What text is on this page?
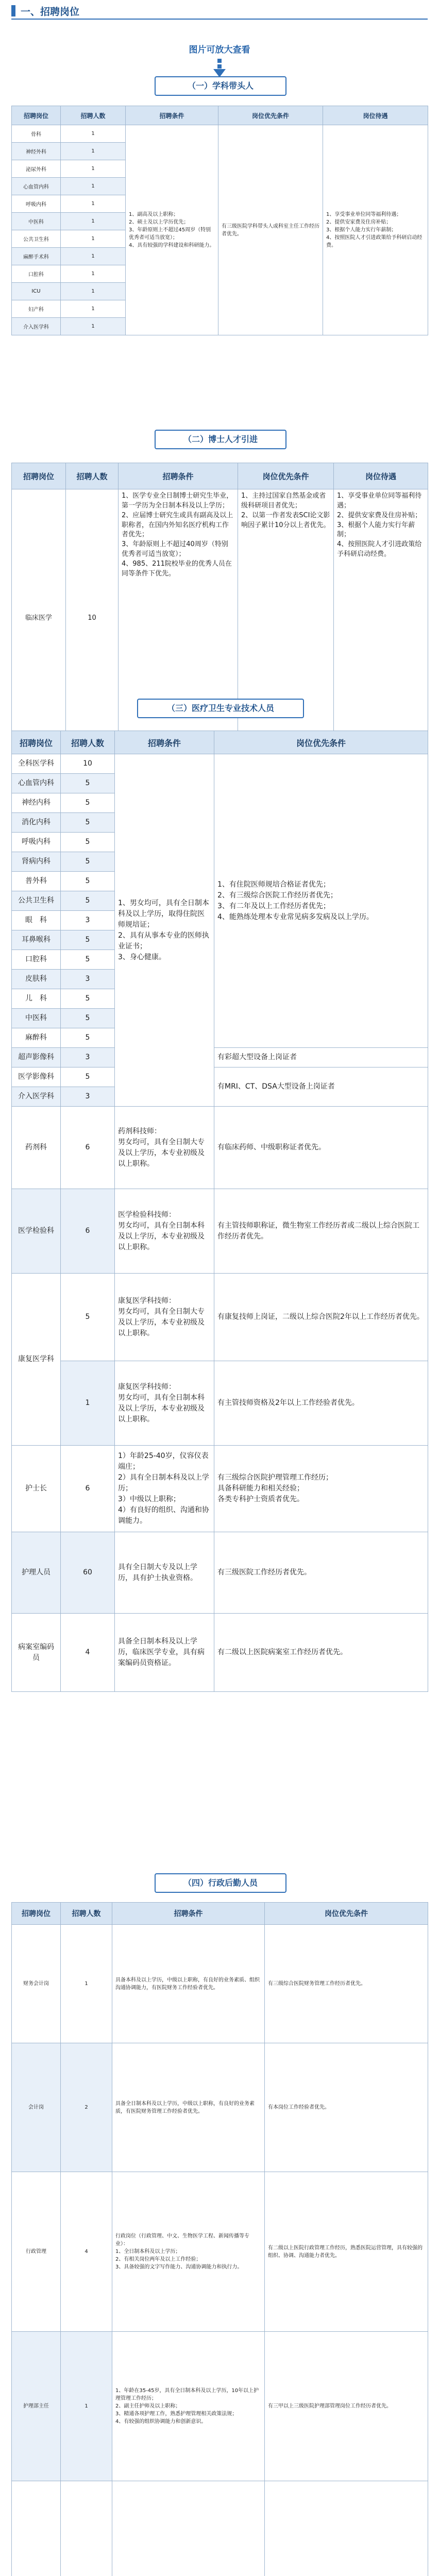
一、招聘岗位
图片可放大查看
（一）学科带头人
招聘岗位	招聘人数	招聘条件	岗位优先条件	岗位待遇
骨科	1	1、副高及以上职称；
2、硕士及以上学历优先；
3、年龄原则上不超过45周岁（特别优秀者可适当放宽）；
4、具有较强的学科建设和科研能力。	有三级医院学科带头人或科室主任工作经历者优先。	1、享受事业单位同等福利待遇；
2、提供安家费及住房补贴；
3、根据个人能力实行年薪制；
4、按照医院人才引进政策给予科研启动经费。
神经外科	1			
泌尿外科	1			
心血管内科	1			
呼吸内科	1			
中医科	1			
公共卫生科	1			
麻醉手术科	1			
口腔科	1			
ICU	1			
妇产科	1			
介入医学科	1			
（二）博士人才引进
招聘岗位	招聘人数	招聘条件	岗位优先条件	岗位待遇
临床医学	10	1、医学专业全日制博士研究生毕业，第一学历为全日制本科及以上学历；
2、应届博士研究生或具有副高及以上职称者，在国内外知名医疗机构工作者优先；
3、年龄原则上不超过40周岁（特别优秀者可适当放宽）；
4、985、211院校毕业的优秀人员在同等条件下优先。	1、主持过国家自然基金或省级科研项目者优先；
2、以第一作者发表SCI论文影响因子累计10分以上者优先。	1、享受事业单位同等福利待遇；
2、提供安家费及住房补贴；
3、根据个人能力实行年薪制；
4、按照医院人才引进政策给予科研启动经费。
（三）医疗卫生专业技术人员
招聘岗位	招聘人数	招聘条件	岗位优先条件
全科医学科	10	1、男女均可，具有全日制本科及以上学历，取得住院医师规培证；
2、具有从事本专业的医师执业证书；
3、身心健康。	1、有住院医师规培合格证者优先；
2、有三级综合医院工作经历者优先；
3、有二年及以上工作经历者优先；
4、能熟练处理本专业常见病多发病及以上学历。
心血管内科	5		
神经内科	5		
消化内科	5		
呼吸内科	5		
肾病内科	5		
普外科	5		
公共卫生科	5		
眼　科	3		
耳鼻喉科	5		
口腔科	5		
皮肤科	3		
儿　科	5		
中医科	5		
麻醉科	5		
超声影像科	3		有彩超大型设备上岗证者
医学影像科	5		有MRI、CT、DSA大型设备上岗证者
介入医学科	3		
药剂科	6	药剂科技师：
男女均可，具有全日制大专及以上学历，本专业初级及以上职称。	有临床药师、中级职称证者优先。
医学检验科	6	医学检验科技师：
男女均可，具有全日制本科及以上学历，本专业初级及以上职称。	有主管技师职称证，微生物室工作经历者或二级以上综合医院工作经历者优先。
康复医学科	5	康复医学科技师：
男女均可，具有全日制大专及以上学历，本专业初级及以上职称。	有康复技师上岗证，二级以上综合医院2年以上工作经历者优先。
	1	康复医学科技师：
男女均可，具有全日制本科及以上学历，本专业初级及以上职称。	有主管技师资格及2年以上工作经验者优先。
护士长	6	1）年龄25-40岁，仪容仪表端庄；
2）具有全日制本科及以上学历；
3）中级以上职称；
4）有良好的组织、沟通和协调能力。	有三级综合医院护理管理工作经历；
具备科研能力和相关经验；
各类专科护士资质者优先。
护理人员	60	具有全日制大专及以上学历，具有护士执业资格。	有三级医院工作经历者优先。
病案室编码员	4	具备全日制本科及以上学历，临床医学专业，具有病案编码员资格证。	有二级以上医院病案室工作经历者优先。
（四）行政后勤人员
招聘岗位	招聘人数	招聘条件	岗位优先条件
财务会计岗	1	具备本科及以上学历，中级以上职称，有良好的业务素质、组织沟通协调能力，有医院财务工作经验者优先。	有三级综合医院财务管理工作经历者优先。
会计岗	2	具备全日制本科及以上学历，中级以上职称，有良好的业务素质，有医院财务管理工作经验者优先。	有本岗位工作经验者优先。
行政管理	4	行政岗位（行政管理、中文、生物医学工程、新闻传播等专业）：
1、全日制本科及以上学历；
2、有相关岗位两年及以上工作经验；
3、具备较强的文字写作能力、沟通协调能力和执行力。	有二级以上医院行政管理工作经历，熟悉医院运营管理，具有较强的组织、协调、沟通能力者优先。
护理部主任	1	1、年龄在35-45岁，具有全日制本科及以上学历，10年以上护理管理工作经历；
2、副主任护师及以上职称；
3、精通各项护理工作，熟悉护理管理相关政策法规；
4、有较强的组织协调能力和创新意识。	有三甲以上三级医院护理部管理岗位工作经历者优先。
